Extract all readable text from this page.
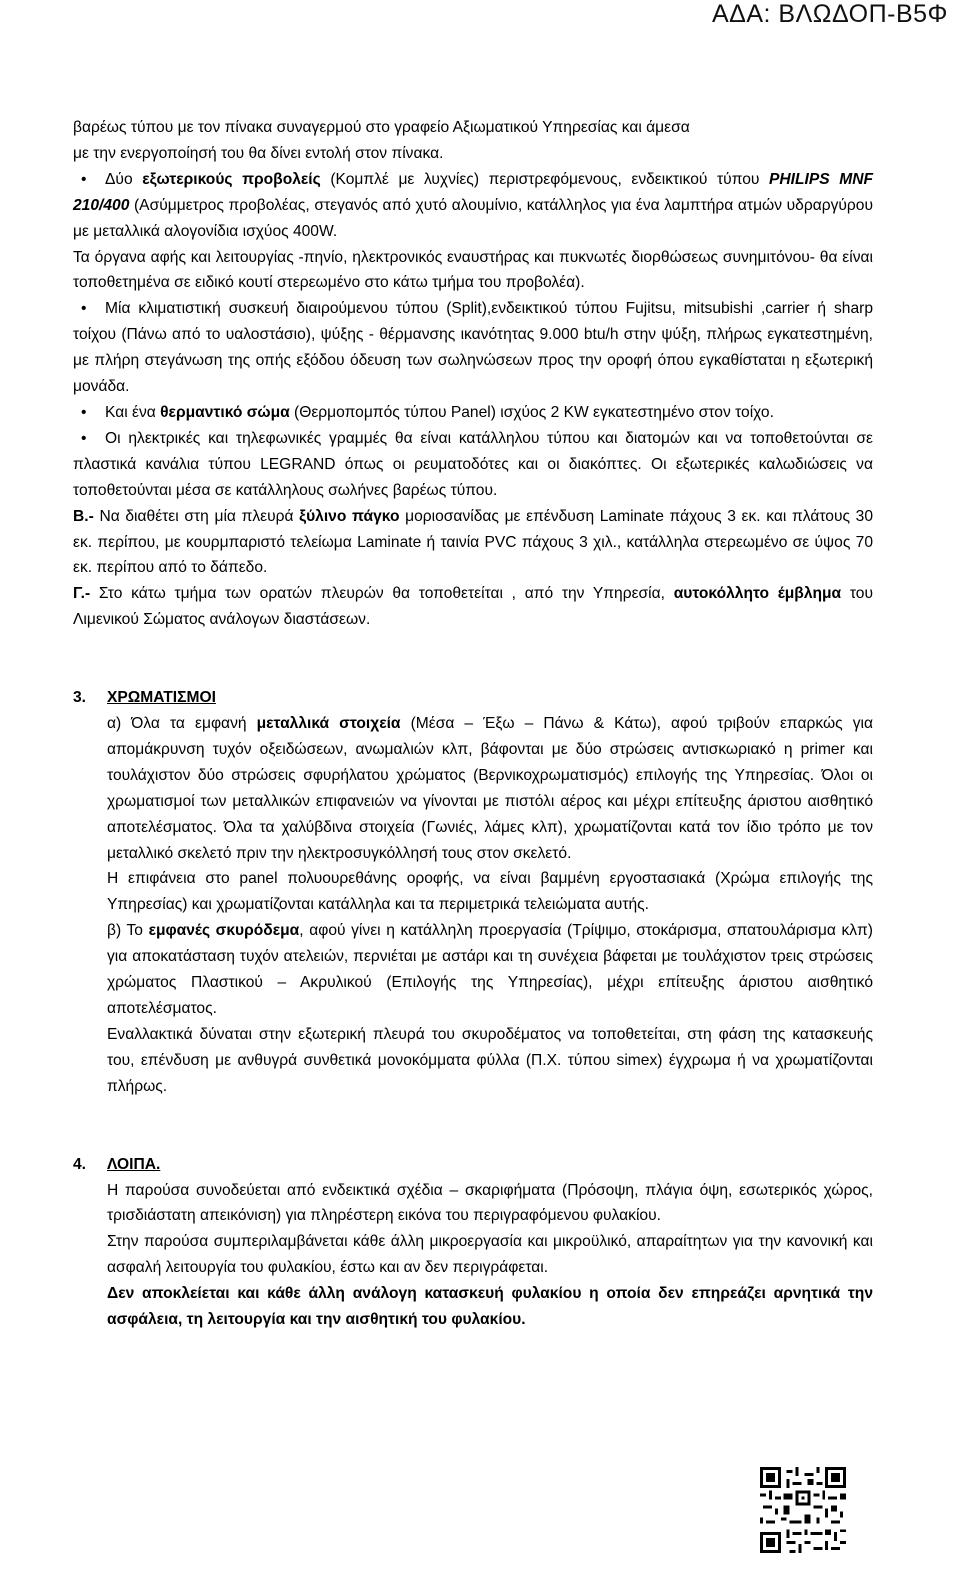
ΑΔΑ: ΒΛΩΔΟΠ-Β5Φ

βαρέως τύπου με τον πίνακα συναγερμού στο γραφείο Αξιωματικού Υπηρεσίας και άμεσα
με την ενεργοποίησή του θα δίνει εντολή στον πίνακα.

• Δύο εξωτερικούς προβολείς (Κομπλέ με λυχνίες) περιστρεφόμενους, ενδεικτικού τύπου PHILIPS MNF 210/400 (Ασύμμετρος προβολέας, στεγανός από χυτό αλουμίνιο, κατάλληλος για ένα λαμπτήρα ατμών υδραργύρου με μεταλλικά αλογονίδια ισχύος 400W.

Τα όργανα αφής και λειτουργίας -πηνίο, ηλεκτρονικός εναυστήρας και πυκνωτές διορθώσεως συνημιτόνου- θα είναι τοποθετημένα σε ειδικό κουτί στερεωμένο στο κάτω τμήμα του προβολέα).

• Μία κλιματιστική συσκευή διαιρούμενου τύπου (Split),ενδεικτικού τύπου Fujitsu, mitsubishi ,carrier ή sharp τοίχου (Πάνω από το υαλοστάσιο), ψύξης - θέρμανσης ικανότητας 9.000 btu/h στην ψύξη, πλήρως εγκατεστημένη, με πλήρη στεγάνωση της οπής εξόδου όδευση των σωληνώσεων προς την οροφή όπου εγκαθίσταται η εξωτερική μονάδα.

• Και ένα θερμαντικό σώμα (Θερμοπομπός τύπου Panel) ισχύος 2 KW εγκατεστημένο στον τοίχο.

• Οι ηλεκτρικές και τηλεφωνικές γραμμές θα είναι κατάλληλου τύπου και διατομών και να τοποθετούνται σε πλαστικά κανάλια τύπου LEGRAND όπως οι ρευματοδότες και οι διακόπτες. Οι εξωτερικές καλωδιώσεις να τοποθετούνται μέσα σε κατάλληλους σωλήνες βαρέως τύπου.

Β.- Να διαθέτει στη μία πλευρά ξύλινο πάγκο μοριοσανίδας με επένδυση Laminate πάχους 3 εκ. και πλάτους 30 εκ. περίπου, με κουρμπαριστό τελείωμα Laminate ή ταινία PVC πάχους 3 χιλ., κατάλληλα στερεωμένο σε ύψος 70 εκ. περίπου από το δάπεδο.

Γ.- Στο κάτω τμήμα των ορατών πλευρών θα τοποθετείται , από την Υπηρεσία, αυτοκόλλητο έμβλημα του Λιμενικού Σώματος ανάλογων διαστάσεων.

3. ΧΡΩΜΑΤΙΣΜΟΙ

α) Όλα τα εμφανή μεταλλικά στοιχεία (Μέσα – Έξω – Πάνω & Κάτω), αφού τριβούν επαρκώς για απομάκρυνση τυχόν οξειδώσεων, ανωμαλιών κλπ, βάφονται με δύο στρώσεις αντισκωριακό η primer και τουλάχιστον δύο στρώσεις σφυρήλατου χρώματος (Βερνικοχρωματισμός) επιλογής της Υπηρεσίας. Όλοι οι χρωματισμοί των μεταλλικών επιφανειών να γίνονται με πιστόλι αέρος και μέχρι επίτευξης άριστου αισθητικό αποτελέσματος. Όλα τα χαλύβδινα στοιχεία (Γωνιές, λάμες κλπ), χρωματίζονται κατά τον ίδιο τρόπο με τον μεταλλικό σκελετό πριν την ηλεκτροσυγκόλλησή τους στον σκελετό.

Η επιφάνεια στο panel πολυουρεθάνης οροφής, να είναι βαμμένη εργοστασιακά (Χρώμα επιλογής της Υπηρεσίας) και χρωματίζονται κατάλληλα και τα περιμετρικά τελειώματα αυτής.

β) Το εμφανές σκυρόδεμα, αφού γίνει η κατάλληλη προεργασία (Τρίψιμο, στοκάρισμα, σπατουλάρισμα κλπ) για αποκατάσταση τυχόν ατελειών, περνιέται με αστάρι και τη συνέχεια βάφεται με τουλάχιστον τρεις στρώσεις χρώματος Πλαστικού – Ακρυλικού (Επιλογής της Υπηρεσίας), μέχρι επίτευξης άριστου αισθητικό αποτελέσματος.

Εναλλακτικά δύναται στην εξωτερική πλευρά του σκυροδέματος να τοποθετείται, στη φάση της κατασκευής του, επένδυση με ανθυγρά συνθετικά μονοκόμματα φύλλα (Π.Χ. τύπου simex) έγχρωμα ή να χρωματίζονται πλήρως.

4. ΛΟΙΠΑ.

Η παρούσα συνοδεύεται από ενδεικτικά σχέδια – σκαριφήματα (Πρόσοψη, πλάγια όψη, εσωτερικός χώρος, τρισδιάστατη απεικόνιση) για πληρέστερη εικόνα του περιγραφόμενου φυλακίου.

Στην παρούσα συμπεριλαμβάνεται κάθε άλλη μικροεργασία και μικροϋλικό, απαραίτητων για την κανονική και ασφαλή λειτουργία του φυλακίου, έστω και αν δεν περιγράφεται.

Δεν αποκλείεται και κάθε άλλη ανάλογη κατασκευή φυλακίου η οποία δεν επηρεάζει αρνητικά την ασφάλεια, τη λειτουργία και την αισθητική του φυλακίου.
